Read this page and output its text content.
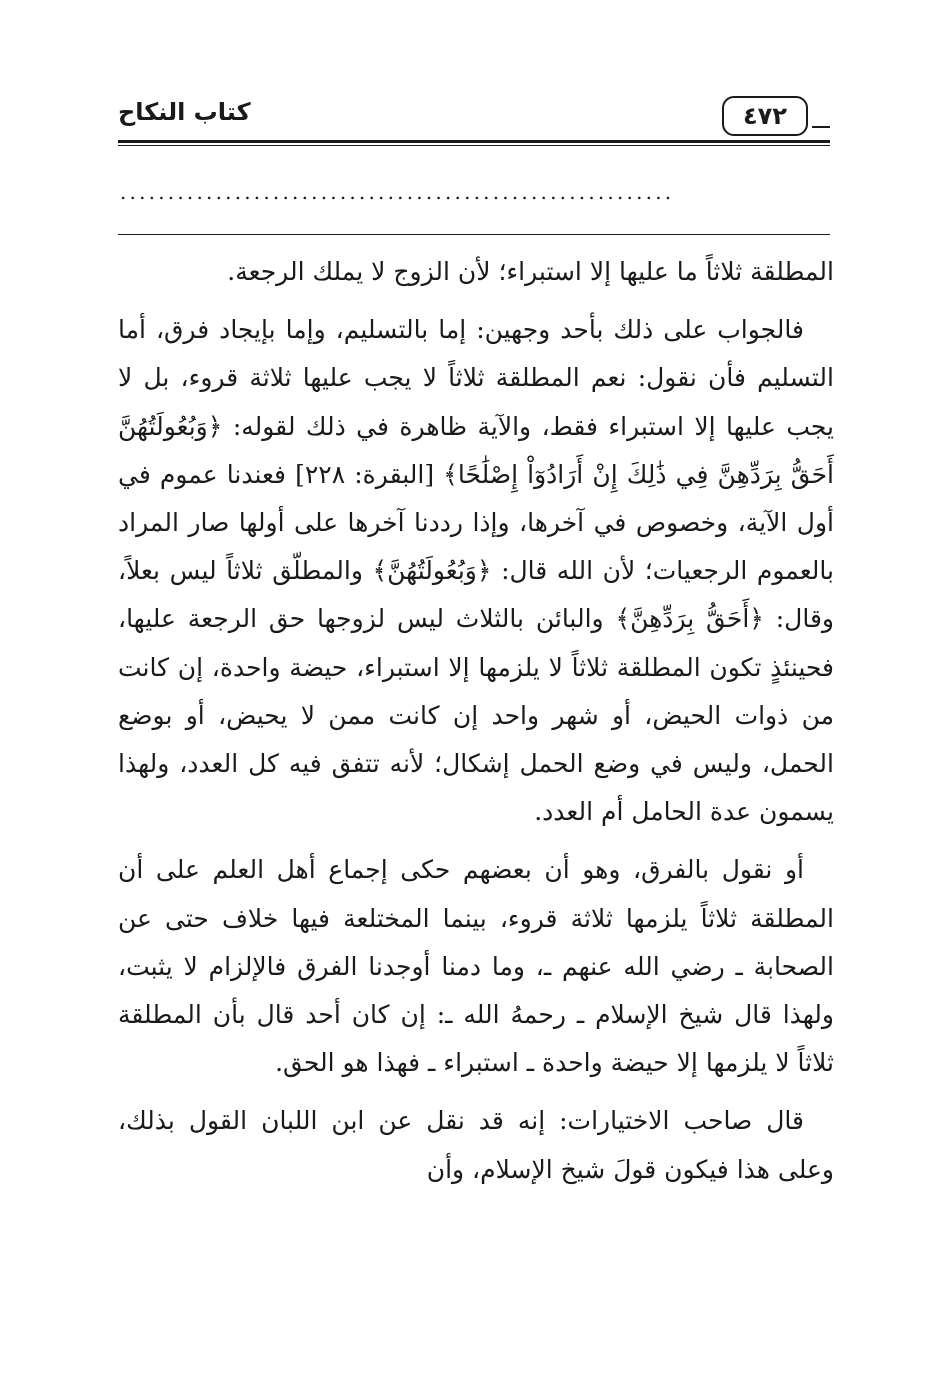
كتاب النكاح	٤٧٢
..........................................................

المطلقة ثلاثاً ما عليها إلا استبراء؛ لأن الزوج لا يملك الرجعة.

فالجواب على ذلك بأحد وجهين: إما بالتسليم، وإما بإيجاد فرق، أما التسليم فأن نقول: نعم المطلقة ثلاثاً لا يجب عليها ثلاثة قروء، بل لا يجب عليها إلا استبراء فقط، والآية ظاهرة في ذلك لقوله: ﴿وَبُعُولَتُهُنَّ أَحَقُّ بِرَدِّهِنَّ فِي ذَٰلِكَ إِنْ أَرَادُوٓاْ إِصْلَٰحًا﴾ [البقرة: ٢٢٨] فعندنا عموم في أول الآية، وخصوص في آخرها، وإذا رددنا آخرها على أولها صار المراد بالعموم الرجعيات؛ لأن الله قال: ﴿وَبُعُولَتُهُنَّ﴾ والمطلّق ثلاثاً ليس بعلاً، وقال: ﴿أَحَقُّ بِرَدِّهِنَّ﴾ والبائن بالثلاث ليس لزوجها حق الرجعة عليها، فحينئذٍ تكون المطلقة ثلاثاً لا يلزمها إلا استبراء، حيضة واحدة، إن كانت من ذوات الحيض، أو شهر واحد إن كانت ممن لا يحيض، أو بوضع الحمل، وليس في وضع الحمل إشكال؛ لأنه تتفق فيه كل العدد، ولهذا يسمون عدة الحامل أم العدد.

أو نقول بالفرق، وهو أن بعضهم حكى إجماع أهل العلم على أن المطلقة ثلاثاً يلزمها ثلاثة قروء، بينما المختلعة فيها خلاف حتى عن الصحابة ـ رضي الله عنهم ـ، وما دمنا أوجدنا الفرق فالإلزام لا يثبت، ولهذا قال شيخ الإسلام ـ رحمهُ الله ـ: إن كان أحد قال بأن المطلقة ثلاثاً لا يلزمها إلا حيضة واحدة ـ استبراء ـ فهذا هو الحق.

قال صاحب الاختيارات: إنه قد نقل عن ابن اللبان القول بذلك، وعلى هذا فيكون قولَ شيخ الإسلام، وأن
